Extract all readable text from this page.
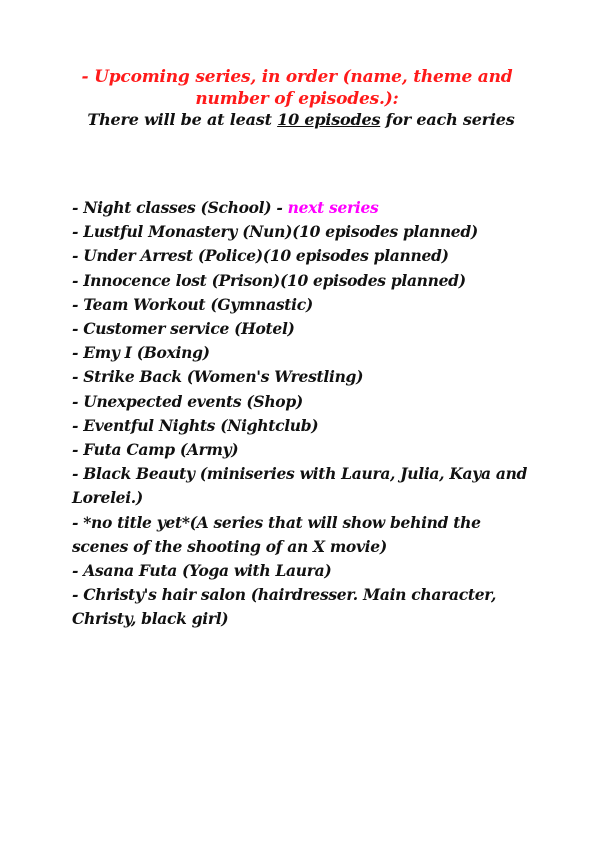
- Upcoming series, in order (name, theme and number of episodes.):

There will be at least 10 episodes for each series

- Night classes (School) - next series
- Lustful Monastery (Nun)(10 episodes planned)
- Under Arrest (Police)(10 episodes planned)
- Innocence lost (Prison)(10 episodes planned)
- Team Workout (Gymnastic)
- Customer service (Hotel)
- Emy I (Boxing)
- Strike Back (Women's Wrestling)
- Unexpected events (Shop)
- Eventful Nights (Nightclub)
- Futa Camp (Army)
- Black Beauty (miniseries with Laura, Julia, Kaya and Lorelei.)
- *no title yet*(A series that will show behind the scenes of the shooting of an X movie)
- Asana Futa (Yoga with Laura)
- Christy's hair salon (hairdresser. Main character, Christy, black girl)
